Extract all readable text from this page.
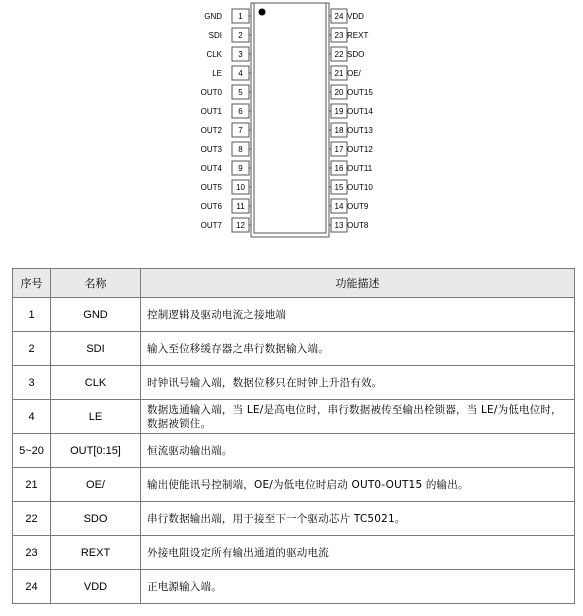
1
GND
2
SDI
3
CLK
4
LE
5
OUT0
6
OUT1
7
OUT2
8
OUT3
9
OUT4
10
OUT5
11
OUT6
12
OUT7
24 VDD
23 REXT
22 SDO
21 OE/
20 OUT15
19 OUT14
18 OUT13
17 OUT12
16 OUT11
15 OUT10
14 OUT9
13 OUT8
序号	名称	功能描述
1	GND	控制逻辑及驱动电流之接地端
2	SDI	输入至位移缓存器之串行数据输入端。
3	CLK	时钟讯号输入端，数据位移只在时钟上升沿有效。
4	LE	数据选通输入端，当 LE/是高电位时，串行数据被传至输出栓锁器，当 LE/为低电位时，数据被锁住。
5~20	OUT[0:15]	恒流驱动输出端。
21	OE/	输出使能讯号控制端，OE/为低电位时启动 OUT0-OUT15 的输出。
22	SDO	串行数据输出端，用于接至下一个驱动芯片 TC5021。
23	REXT	外接电阻设定所有输出通道的驱动电流
24	VDD	正电源输入端。
